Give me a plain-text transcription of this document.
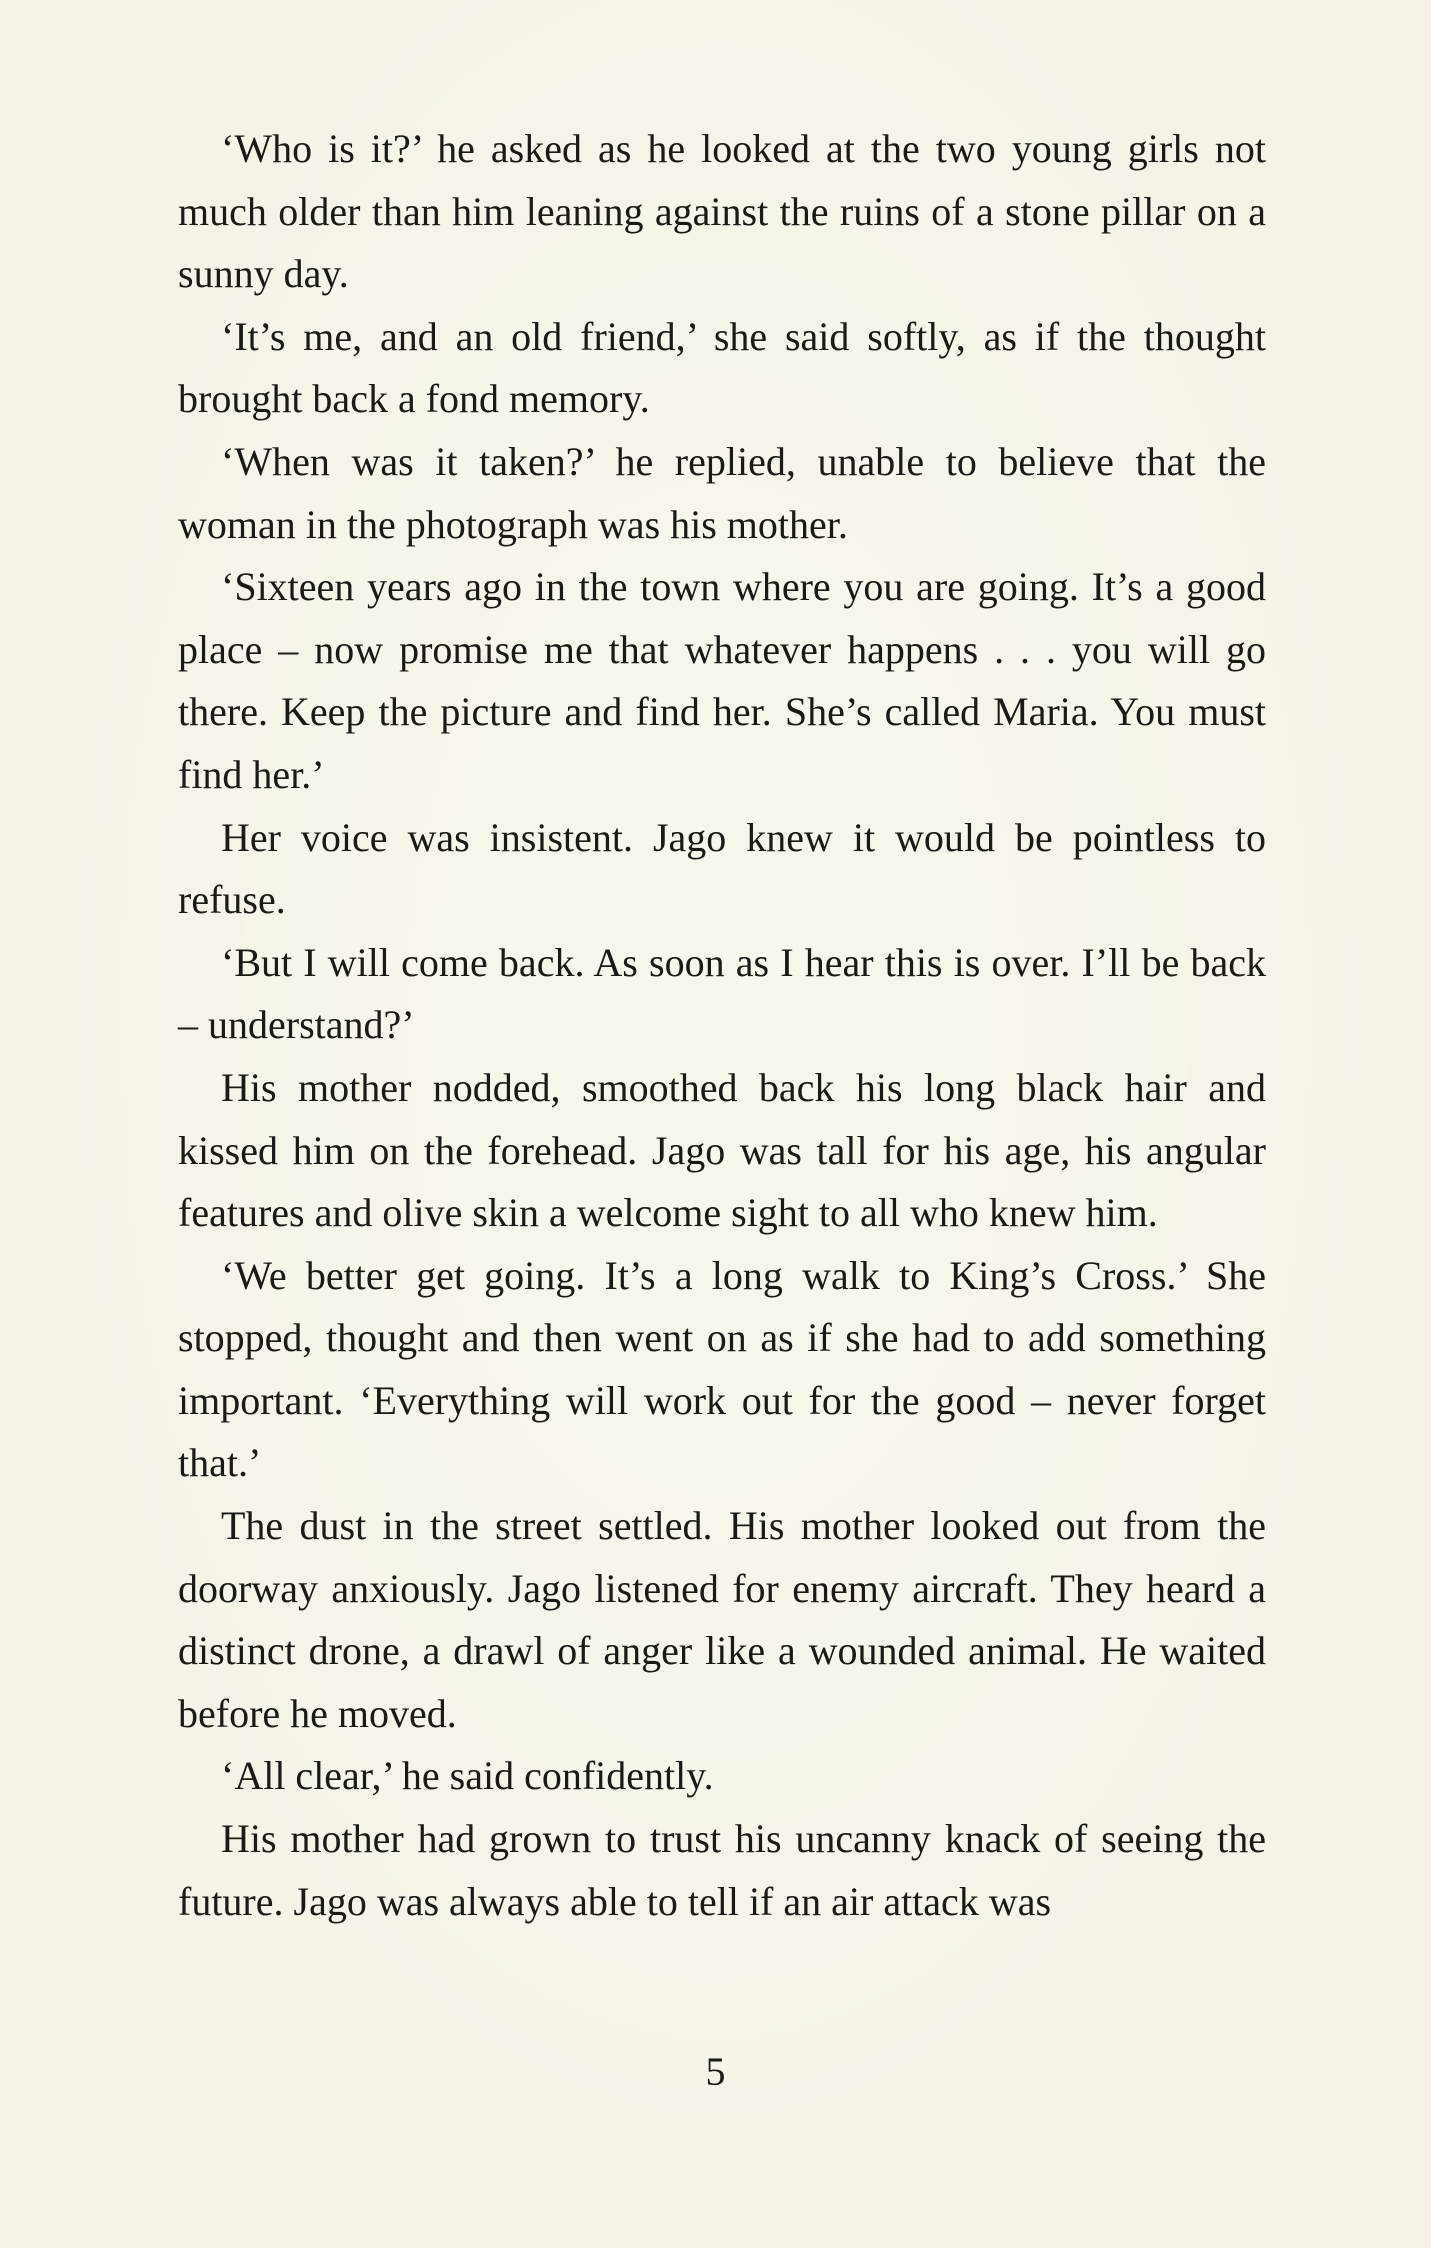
‘Who is it?’ he asked as he looked at the two young girls not much older than him leaning against the ruins of a stone pillar on a sunny day.

‘It’s me, and an old friend,’ she said softly, as if the thought brought back a fond memory.

‘When was it taken?’ he replied, unable to believe that the woman in the photograph was his mother.

‘Sixteen years ago in the town where you are going. It’s a good place – now promise me that whatever happens . . . you will go there. Keep the picture and find her. She’s called Maria. You must find her.’

Her voice was insistent. Jago knew it would be pointless to refuse.

‘But I will come back. As soon as I hear this is over. I’ll be back – understand?’

His mother nodded, smoothed back his long black hair and kissed him on the forehead. Jago was tall for his age, his angular features and olive skin a welcome sight to all who knew him.

‘We better get going. It’s a long walk to King’s Cross.’ She stopped, thought and then went on as if she had to add something important. ‘Everything will work out for the good – never forget that.’

The dust in the street settled. His mother looked out from the doorway anxiously. Jago listened for enemy aircraft. They heard a distinct drone, a drawl of anger like a wounded animal. He waited before he moved.

‘All clear,’ he said confidently.

His mother had grown to trust his uncanny knack of seeing the future. Jago was always able to tell if an air attack was

5
